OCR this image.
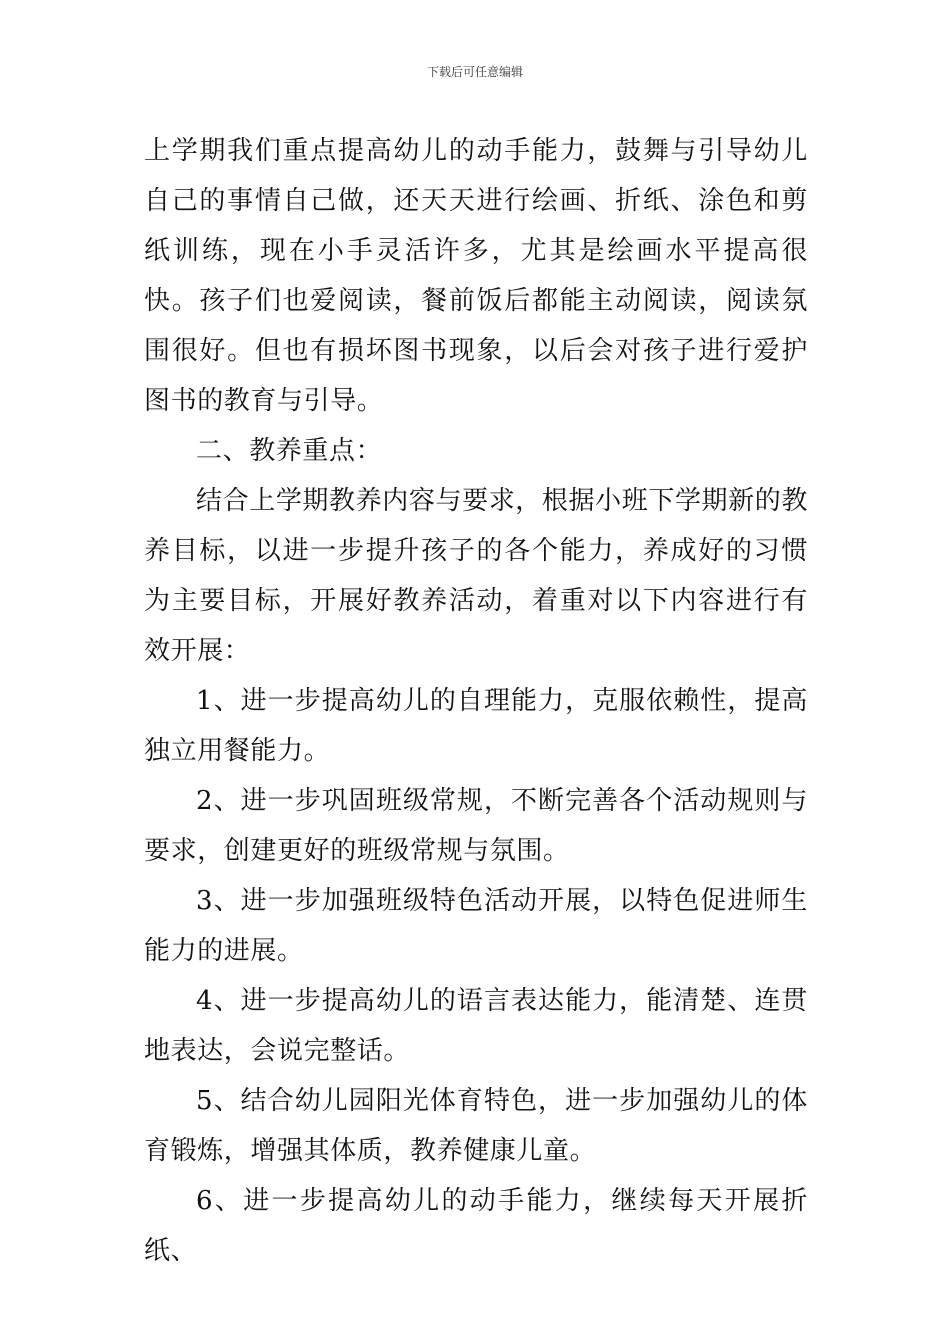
下载后可任意编辑

上学期我们重点提高幼儿的动手能力，鼓舞与引导幼儿自己的事情自己做，还天天进行绘画、折纸、涂色和剪纸训练，现在小手灵活许多，尤其是绘画水平提高很快。孩子们也爱阅读，餐前饭后都能主动阅读，阅读氛围很好。但也有损坏图书现象，以后会对孩子进行爱护图书的教育与引导。

二、教养重点：

结合上学期教养内容与要求，根据小班下学期新的教养目标，以进一步提升孩子的各个能力，养成好的习惯为主要目标，开展好教养活动，着重对以下内容进行有效开展：

1、进一步提高幼儿的自理能力，克服依赖性，提高独立用餐能力。

2、进一步巩固班级常规，不断完善各个活动规则与要求，创建更好的班级常规与氛围。

3、进一步加强班级特色活动开展，以特色促进师生能力的进展。

4、进一步提高幼儿的语言表达能力，能清楚、连贯地表达，会说完整话。

5、结合幼儿园阳光体育特色，进一步加强幼儿的体育锻炼，增强其体质，教养健康儿童。

6、进一步提高幼儿的动手能力，继续每天开展折纸、
